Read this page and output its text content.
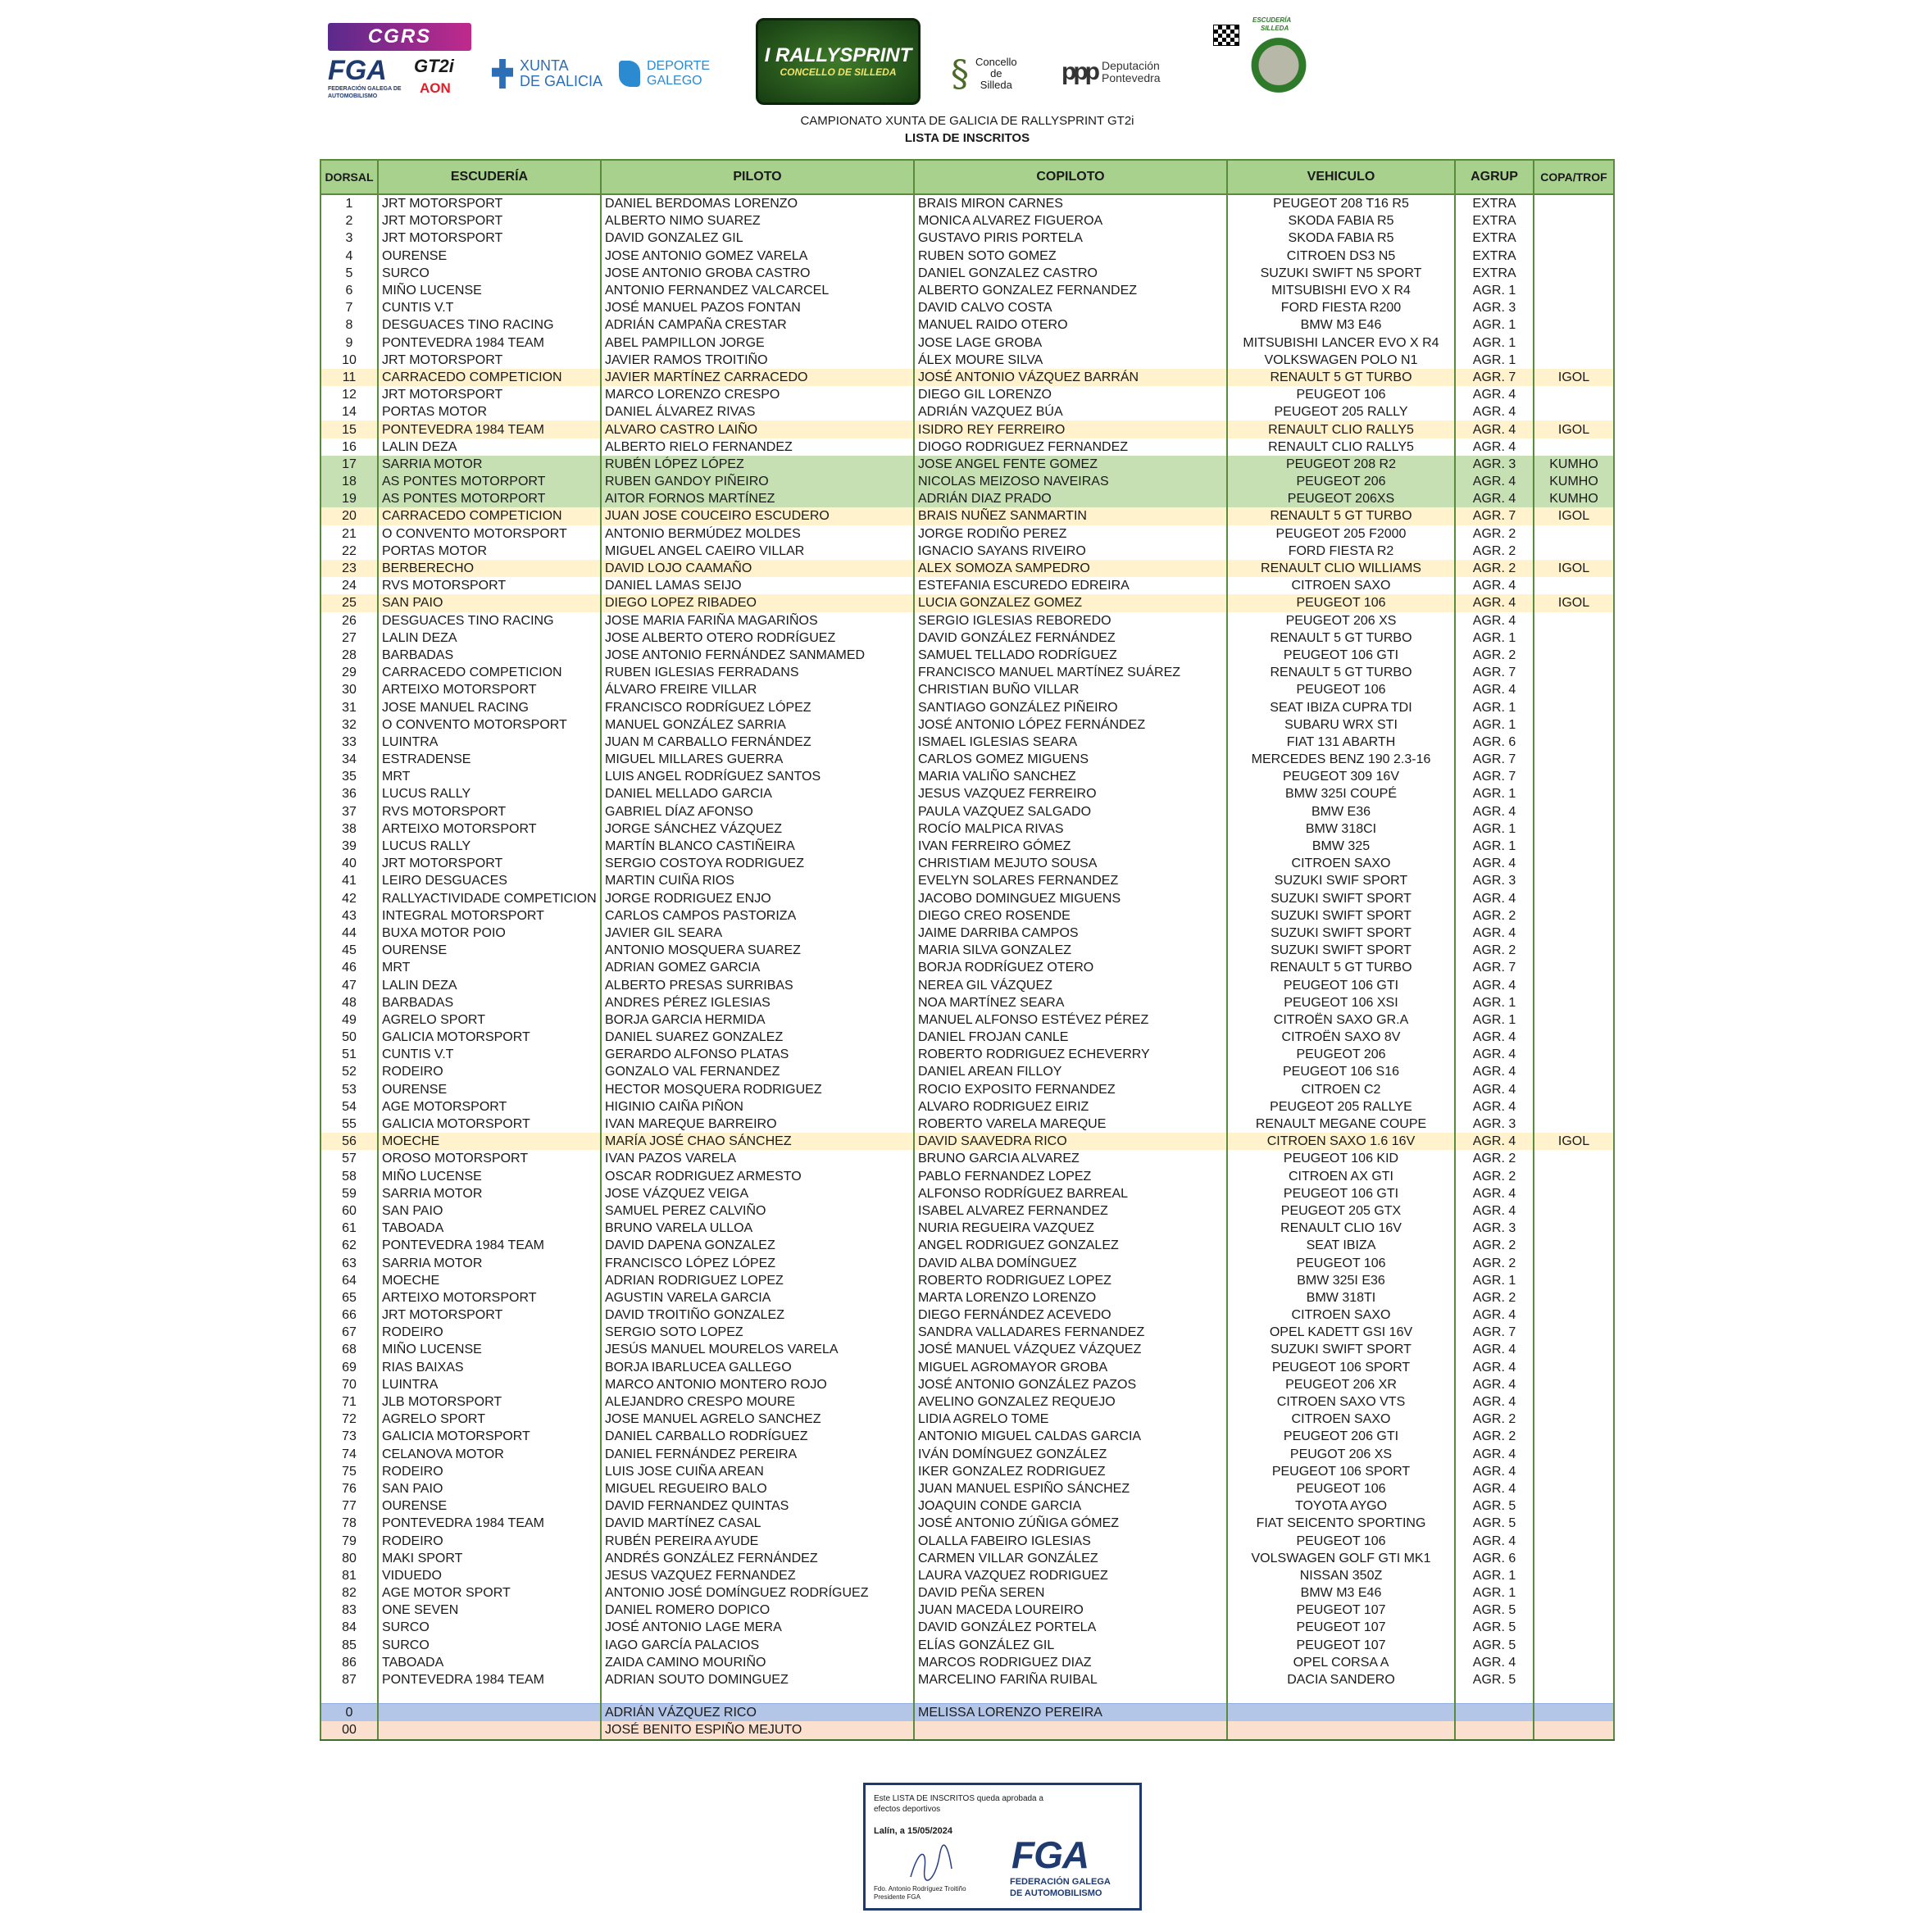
CGRS
FGA
FEDERACIÓN GALEGA DE AUTOMOBILISMO
GT2i
AON
XUNTA
DE GALICIA
DEPORTE
GALEGO
I RALLYSPRINT
CONCELLO DE SILLEDA	§ Concello
de
Silleda ppp Deputación
Pontevedra
ESCUDERÍA
SILLEDA
CAMPIONATO XUNTA DE GALICIA DE RALLYSPRINT GT2i
LISTA DE INSCRITOS
DORSAL	ESCUDERÍA	PILOTO	COPILOTO	VEHICULO	AGRUP	COPA/TROF
1	JRT MOTORSPORT	DANIEL BERDOMAS LORENZO	BRAIS MIRON CARNES	PEUGEOT 208 T16 R5	EXTRA	
2	JRT MOTORSPORT	ALBERTO NIMO SUAREZ	MONICA ALVAREZ FIGUEROA	SKODA FABIA R5	EXTRA	
3	JRT MOTORSPORT	DAVID GONZALEZ GIL	GUSTAVO PIRIS PORTELA	SKODA FABIA R5	EXTRA	
4	OURENSE	JOSE ANTONIO GOMEZ VARELA	RUBEN SOTO GOMEZ	CITROEN DS3 N5	EXTRA	
5	SURCO	JOSE ANTONIO GROBA CASTRO	DANIEL GONZALEZ CASTRO	SUZUKI SWIFT N5 SPORT	EXTRA	
6	MIÑO LUCENSE	ANTONIO FERNANDEZ VALCARCEL	ALBERTO GONZALEZ FERNANDEZ	MITSUBISHI EVO X R4	AGR. 1	
7	CUNTIS V.T	JOSÉ MANUEL PAZOS FONTAN	DAVID CALVO COSTA	FORD FIESTA R200	AGR. 3	
8	DESGUACES TINO RACING	ADRIÁN CAMPAÑA CRESTAR	MANUEL RAIDO OTERO	BMW M3 E46	AGR. 1	
9	PONTEVEDRA 1984 TEAM	ABEL PAMPILLON JORGE	JOSE LAGE GROBA	MITSUBISHI LANCER EVO X R4	AGR. 1	
10	JRT MOTORSPORT	JAVIER RAMOS TROITIÑO	ÁLEX MOURE SILVA	VOLKSWAGEN POLO N1	AGR. 1	
11	CARRACEDO COMPETICION	JAVIER MARTÍNEZ CARRACEDO	JOSÉ ANTONIO VÁZQUEZ BARRÁN	RENAULT 5 GT TURBO	AGR. 7	IGOL
12	JRT MOTORSPORT	MARCO LORENZO CRESPO	DIEGO GIL LORENZO	PEUGEOT 106	AGR. 4	
14	PORTAS MOTOR	DANIEL ÁLVAREZ RIVAS	ADRIÁN VAZQUEZ BÚA	PEUGEOT 205 RALLY	AGR. 4	
15	PONTEVEDRA 1984 TEAM	ALVARO CASTRO LAIÑO	ISIDRO REY FERREIRO	RENAULT CLIO RALLY5	AGR. 4	IGOL
16	LALIN DEZA	ALBERTO RIELO FERNANDEZ	DIOGO RODRIGUEZ FERNANDEZ	RENAULT CLIO RALLY5	AGR. 4	
17	SARRIA MOTOR	RUBÉN LÓPEZ LÓPEZ	JOSE ANGEL FENTE GOMEZ	PEUGEOT 208 R2	AGR. 3	KUMHO
18	AS PONTES MOTORPORT	RUBEN GANDOY PIÑEIRO	NICOLAS MEIZOSO NAVEIRAS	PEUGEOT 206	AGR. 4	KUMHO
19	AS PONTES MOTORPORT	AITOR FORNOS MARTÍNEZ	ADRIÁN DIAZ PRADO	PEUGEOT 206XS	AGR. 4	KUMHO
20	CARRACEDO COMPETICION	JUAN JOSE COUCEIRO ESCUDERO	BRAIS NUÑEZ SANMARTIN	RENAULT 5 GT TURBO	AGR. 7	IGOL
21	O CONVENTO MOTORSPORT	ANTONIO BERMÚDEZ MOLDES	JORGE RODIÑO PEREZ	PEUGEOT 205 F2000	AGR. 2	
22	PORTAS MOTOR	MIGUEL ANGEL CAEIRO VILLAR	IGNACIO SAYANS RIVEIRO	FORD FIESTA R2	AGR. 2	
23	BERBERECHO	DAVID LOJO CAAMAÑO	ALEX SOMOZA SAMPEDRO	RENAULT CLIO WILLIAMS	AGR. 2	IGOL
24	RVS MOTORSPORT	DANIEL LAMAS SEIJO	ESTEFANIA ESCUREDO EDREIRA	CITROEN SAXO	AGR. 4	
25	SAN PAIO	DIEGO LOPEZ RIBADEO	LUCIA GONZALEZ GOMEZ	PEUGEOT 106	AGR. 4	IGOL
26	DESGUACES TINO RACING	JOSE MARIA FARIÑA MAGARIÑOS	SERGIO IGLESIAS REBOREDO	PEUGEOT 206 XS	AGR. 4	
27	LALIN DEZA	JOSE ALBERTO OTERO RODRÍGUEZ	DAVID GONZÁLEZ FERNÁNDEZ	RENAULT 5 GT TURBO	AGR. 1	
28	BARBADAS	JOSE ANTONIO FERNÁNDEZ SANMAMED	SAMUEL TELLADO RODRÍGUEZ	PEUGEOT 106 GTI	AGR. 2	
29	CARRACEDO COMPETICION	RUBEN IGLESIAS FERRADANS	FRANCISCO MANUEL MARTÍNEZ SUÁREZ	RENAULT 5 GT TURBO	AGR. 7	
30	ARTEIXO MOTORSPORT	ÁLVARO FREIRE VILLAR	CHRISTIAN BUÑO VILLAR	PEUGEOT 106	AGR. 4	
31	JOSE MANUEL RACING	FRANCISCO RODRÍGUEZ LÓPEZ	SANTIAGO GONZÁLEZ PIÑEIRO	SEAT IBIZA CUPRA TDI	AGR. 1	
32	O CONVENTO MOTORSPORT	MANUEL GONZÁLEZ SARRIA	JOSÉ ANTONIO LÓPEZ FERNÁNDEZ	SUBARU WRX STI	AGR. 1	
33	LUINTRA	JUAN M CARBALLO FERNÁNDEZ	ISMAEL IGLESIAS SEARA	FIAT 131 ABARTH	AGR. 6	
34	ESTRADENSE	MIGUEL MILLARES GUERRA	CARLOS GOMEZ MIGUENS	MERCEDES BENZ 190 2.3-16	AGR. 7	
35	MRT	LUIS ANGEL RODRÍGUEZ SANTOS	MARIA VALIÑO SANCHEZ	PEUGEOT 309 16V	AGR. 7	
36	LUCUS RALLY	DANIEL MELLADO GARCIA	JESUS VAZQUEZ FERREIRO	BMW 325I COUPÉ	AGR. 1	
37	RVS MOTORSPORT	GABRIEL DÍAZ AFONSO	PAULA VAZQUEZ SALGADO	BMW E36	AGR. 4	
38	ARTEIXO MOTORSPORT	JORGE SÁNCHEZ VÁZQUEZ	ROCÍO MALPICA RIVAS	BMW 318CI	AGR. 1	
39	LUCUS RALLY	MARTÍN BLANCO CASTIÑEIRA	IVAN FERREIRO GÓMEZ	BMW 325	AGR. 1	
40	JRT MOTORSPORT	SERGIO COSTOYA RODRIGUEZ	CHRISTIAM MEJUTO SOUSA	CITROEN SAXO	AGR. 4	
41	LEIRO DESGUACES	MARTIN CUIÑA RIOS	EVELYN SOLARES FERNANDEZ	SUZUKI SWIF SPORT	AGR. 3	
42	RALLYACTIVIDADE COMPETICION	JORGE RODRIGUEZ ENJO	JACOBO DOMINGUEZ MIGUENS	SUZUKI SWIFT SPORT	AGR. 4	
43	INTEGRAL MOTORSPORT	CARLOS CAMPOS PASTORIZA	DIEGO CREO ROSENDE	SUZUKI SWIFT SPORT	AGR. 2	
44	BUXA MOTOR POIO	JAVIER GIL SEARA	JAIME DARRIBA CAMPOS	SUZUKI SWIFT SPORT	AGR. 4	
45	OURENSE	ANTONIO MOSQUERA SUAREZ	MARIA SILVA GONZALEZ	SUZUKI SWIFT SPORT	AGR. 2	
46	MRT	ADRIAN GOMEZ GARCIA	BORJA RODRÍGUEZ OTERO	RENAULT 5 GT TURBO	AGR. 7	
47	LALIN DEZA	ALBERTO PRESAS SURRIBAS	NEREA GIL VÁZQUEZ	PEUGEOT 106 GTI	AGR. 4	
48	BARBADAS	ANDRES PÉREZ IGLESIAS	NOA MARTÍNEZ SEARA	PEUGEOT 106 XSI	AGR. 1	
49	AGRELO SPORT	BORJA GARCIA HERMIDA	MANUEL ALFONSO ESTÉVEZ PÉREZ	CITROËN SAXO GR.A	AGR. 1	
50	GALICIA MOTORSPORT	DANIEL SUAREZ GONZALEZ	DANIEL FROJAN CANLE	CITROËN SAXO 8V	AGR. 4	
51	CUNTIS V.T	GERARDO ALFONSO PLATAS	ROBERTO RODRIGUEZ ECHEVERRY	PEUGEOT 206	AGR. 4	
52	RODEIRO	GONZALO VAL FERNANDEZ	DANIEL AREAN FILLOY	PEUGEOT 106 S16	AGR. 4	
53	OURENSE	HECTOR MOSQUERA RODRIGUEZ	ROCIO EXPOSITO FERNANDEZ	CITROEN C2	AGR. 4	
54	AGE MOTORSPORT	HIGINIO CAIÑA PIÑON	ALVARO RODRIGUEZ EIRIZ	PEUGEOT 205 RALLYE	AGR. 4	
55	GALICIA MOTORSPORT	IVAN MAREQUE BARREIRO	ROBERTO VARELA MAREQUE	RENAULT MEGANE COUPE	AGR. 3	
56	MOECHE	MARÍA JOSÉ CHAO SÁNCHEZ	DAVID SAAVEDRA RICO	CITROEN SAXO 1.6 16V	AGR. 4	IGOL
57	OROSO MOTORSPORT	IVAN PAZOS VARELA	BRUNO GARCIA ALVAREZ	PEUGEOT 106 KID	AGR. 2	
58	MIÑO LUCENSE	OSCAR RODRIGUEZ ARMESTO	PABLO FERNANDEZ LOPEZ	CITROEN AX GTI	AGR. 2	
59	SARRIA MOTOR	JOSE VÁZQUEZ VEIGA	ALFONSO RODRÍGUEZ BARREAL	PEUGEOT 106 GTI	AGR. 4	
60	SAN PAIO	SAMUEL PEREZ CALVIÑO	ISABEL ALVAREZ FERNANDEZ	PEUGEOT 205 GTX	AGR. 4	
61	TABOADA	BRUNO VARELA ULLOA	NURIA REGUEIRA VAZQUEZ	RENAULT CLIO 16V	AGR. 3	
62	PONTEVEDRA 1984 TEAM	DAVID DAPENA GONZALEZ	ANGEL RODRIGUEZ GONZALEZ	SEAT IBIZA	AGR. 2	
63	SARRIA MOTOR	FRANCISCO LÓPEZ LÓPEZ	DAVID ALBA DOMÍNGUEZ	PEUGEOT 106	AGR. 2	
64	MOECHE	ADRIAN RODRIGUEZ LOPEZ	ROBERTO RODRIGUEZ LOPEZ	BMW 325I E36	AGR. 1	
65	ARTEIXO MOTORSPORT	AGUSTIN VARELA GARCIA	MARTA LORENZO LORENZO	BMW 318TI	AGR. 2	
66	JRT MOTORSPORT	DAVID TROITIÑO GONZALEZ	DIEGO FERNÁNDEZ ACEVEDO	CITROEN SAXO	AGR. 4	
67	RODEIRO	SERGIO SOTO LOPEZ	SANDRA VALLADARES FERNANDEZ	OPEL KADETT GSI 16V	AGR. 7	
68	MIÑO LUCENSE	JESÚS MANUEL MOURELOS VARELA	JOSÉ MANUEL VÁZQUEZ VÁZQUEZ	SUZUKI SWIFT SPORT	AGR. 4	
69	RIAS BAIXAS	BORJA IBARLUCEA GALLEGO	MIGUEL AGROMAYOR GROBA	PEUGEOT 106 SPORT	AGR. 4	
70	LUINTRA	MARCO ANTONIO MONTERO ROJO	JOSÉ ANTONIO GONZÁLEZ PAZOS	PEUGEOT 206 XR	AGR. 4	
71	JLB MOTORSPORT	ALEJANDRO CRESPO MOURE	AVELINO GONZALEZ REQUEJO	CITROEN SAXO VTS	AGR. 4	
72	AGRELO SPORT	JOSE MANUEL AGRELO SANCHEZ	LIDIA AGRELO TOME	CITROEN SAXO	AGR. 2	
73	GALICIA MOTORSPORT	DANIEL CARBALLO RODRÍGUEZ	ANTONIO MIGUEL CALDAS GARCIA	PEUGEOT 206 GTI	AGR. 2	
74	CELANOVA MOTOR	DANIEL FERNÁNDEZ PEREIRA	IVÁN DOMÍNGUEZ GONZÁLEZ	PEUGOT 206 XS	AGR. 4	
75	RODEIRO	LUIS JOSE CUIÑA AREAN	IKER GONZALEZ RODRIGUEZ	PEUGEOT 106 SPORT	AGR. 4	
76	SAN PAIO	MIGUEL REGUEIRO BALO	JUAN MANUEL ESPIÑO SÁNCHEZ	PEUGEOT 106	AGR. 4	
77	OURENSE	DAVID FERNANDEZ QUINTAS	JOAQUIN CONDE GARCIA	TOYOTA AYGO	AGR. 5	
78	PONTEVEDRA 1984 TEAM	DAVID MARTÍNEZ CASAL	JOSÉ ANTONIO ZÚÑIGA GÓMEZ	FIAT SEICENTO SPORTING	AGR. 5	
79	RODEIRO	RUBÉN PEREIRA AYUDE	OLALLA FABEIRO IGLESIAS	PEUGEOT 106	AGR. 4	
80	MAKI SPORT	ANDRÉS GONZÁLEZ FERNÁNDEZ	CARMEN VILLAR GONZÁLEZ	VOLSWAGEN GOLF GTI MK1	AGR. 6	
81	VIDUEDO	JESUS VAZQUEZ FERNANDEZ	LAURA VAZQUEZ RODRIGUEZ	NISSAN 350Z	AGR. 1	
82	AGE MOTOR SPORT	ANTONIO JOSÉ DOMÍNGUEZ RODRÍGUEZ	DAVID PEÑA SEREN	BMW M3 E46	AGR. 1	
83	ONE SEVEN	DANIEL ROMERO DOPICO	JUAN MACEDA LOUREIRO	PEUGEOT 107	AGR. 5	
84	SURCO	JOSÉ ANTONIO LAGE MERA	DAVID GONZÁLEZ PORTELA	PEUGEOT 107	AGR. 5	
85	SURCO	IAGO GARCÍA PALACIOS	ELÍAS GONZÁLEZ GIL	PEUGEOT 107	AGR. 5	
86	TABOADA	ZAIDA CAMINO MOURIÑO	MARCOS RODRIGUEZ DIAZ	OPEL CORSA A	AGR. 4	
87	PONTEVEDRA 1984 TEAM	ADRIAN SOUTO DOMINGUEZ	MARCELINO FARIÑA RUIBAL	DACIA SANDERO	AGR. 5	

0		ADRIÁN VÁZQUEZ RICO	MELISSA LORENZO PEREIRA			
00		JOSÉ BENITO ESPIÑO MEJUTO				
Este LISTA DE INSCRITOS queda aprobada a efectos deportivos
Lalín, a 15/05/2024
Fdo. Antonio Rodríguez Troitiño
Presidente FGA
FGA
FEDERACIÓN GALEGA
DE AUTOMOBILISMO
